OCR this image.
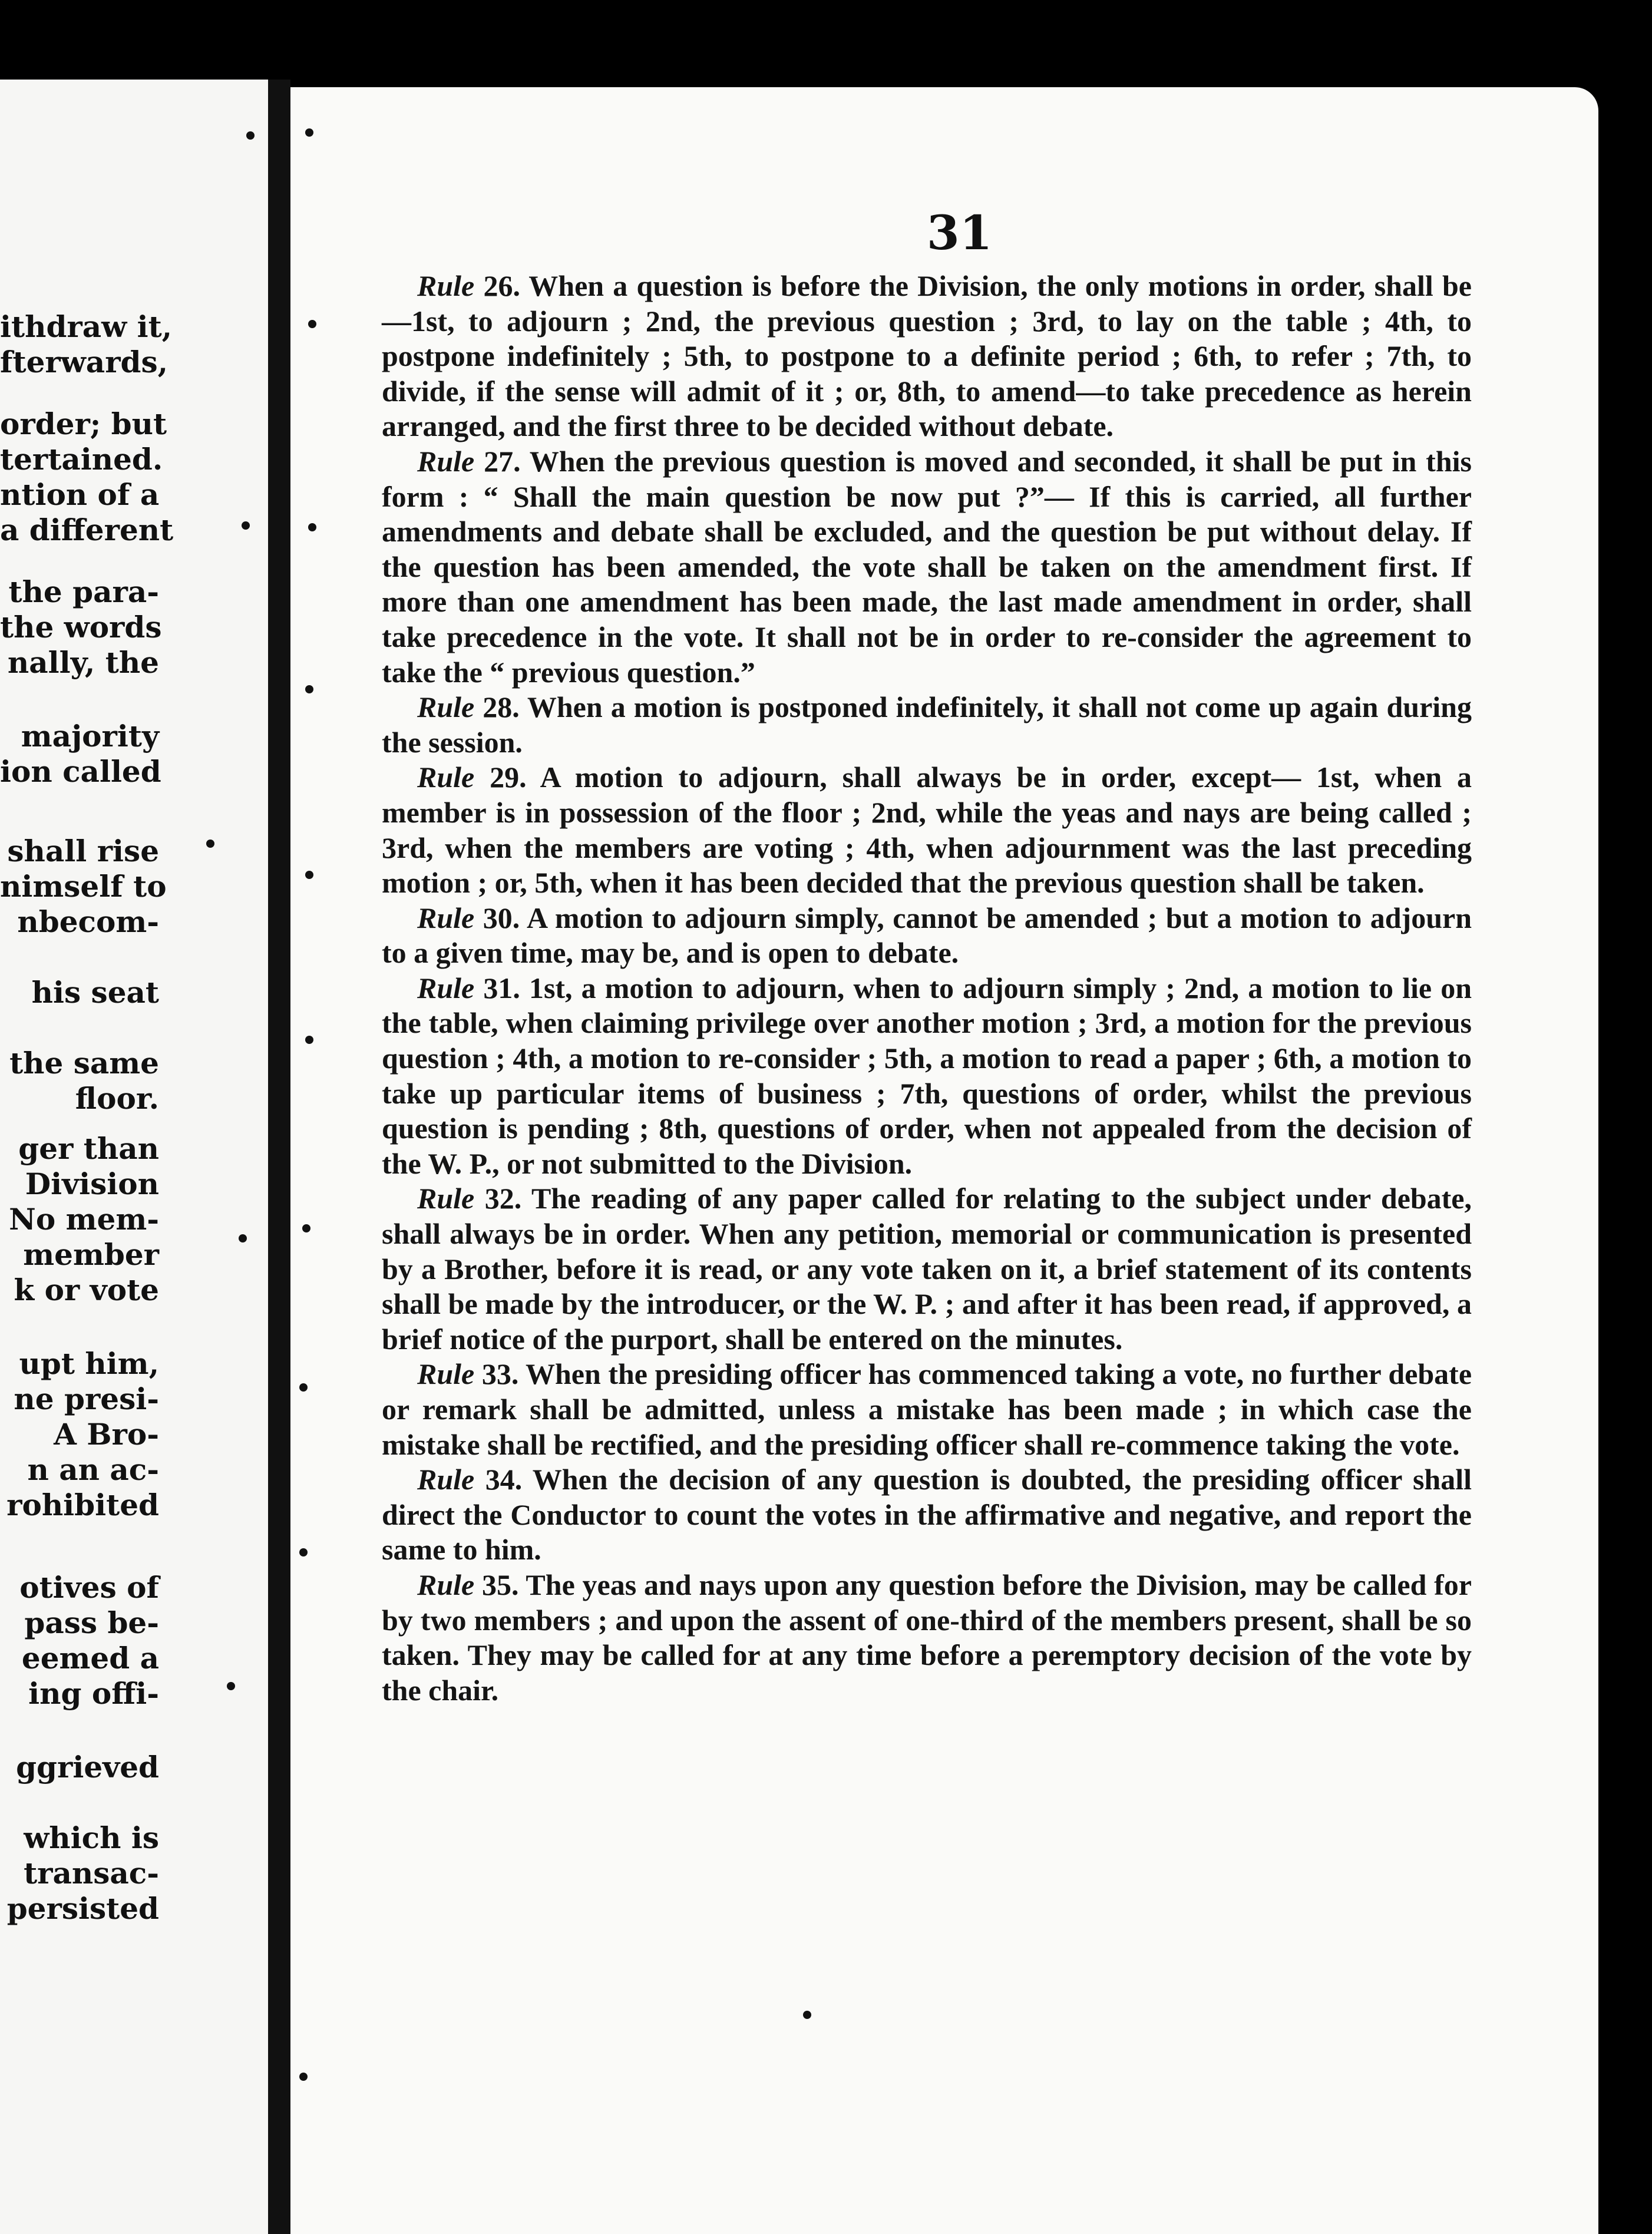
ithdraw it,
fterwards,
order; but
tertained.
ntion of a
a different
the para-
the words
nally, the
majority
ion called
shall rise
nimself to
nbecom-
his seat
the same
floor.
ger than
Division
No mem-
member
k or vote
upt him,
ne presi-
A Bro-
n an ac-
rohibited
otives of
pass be-
eemed a
ing offi-
ggrieved
which is
transac-
persisted
31

Rule 26. When a question is before the Division, the only motions in order, shall be—1st, to adjourn ; 2nd, the previous question ; 3rd, to lay on the table ; 4th, to postpone indefinitely ; 5th, to postpone to a definite period ; 6th, to refer ; 7th, to divide, if the sense will admit of it ; or, 8th, to amend—to take precedence as herein arranged, and the first three to be decided without debate.

Rule 27. When the previous question is moved and seconded, it shall be put in this form : “ Shall the main question be now put ?”— If this is carried, all further amendments and debate shall be excluded, and the question be put without delay. If the question has been amended, the vote shall be taken on the amendment first. If more than one amendment has been made, the last made amendment in order, shall take precedence in the vote. It shall not be in order to re-consider the agreement to take the “ previous question.”

Rule 28. When a motion is postponed indefinitely, it shall not come up again during the session.

Rule 29. A motion to adjourn, shall always be in order, except— 1st, when a member is in possession of the floor ; 2nd, while the yeas and nays are being called ; 3rd, when the members are voting ; 4th, when adjournment was the last preceding motion ; or, 5th, when it has been decided that the previous question shall be taken.

Rule 30. A motion to adjourn simply, cannot be amended ; but a motion to adjourn to a given time, may be, and is open to debate.

Rule 31. 1st, a motion to adjourn, when to adjourn simply ; 2nd, a motion to lie on the table, when claiming privilege over another motion ; 3rd, a motion for the previous question ; 4th, a motion to re-consider ; 5th, a motion to read a paper ; 6th, a motion to take up particular items of business ; 7th, questions of order, whilst the previous question is pending ; 8th, questions of order, when not appealed from the decision of the W. P., or not submitted to the Division.

Rule 32. The reading of any paper called for relating to the subject under debate, shall always be in order. When any petition, memorial or communication is presented by a Brother, before it is read, or any vote taken on it, a brief statement of its contents shall be made by the introducer, or the W. P. ; and after it has been read, if approved, a brief notice of the purport, shall be entered on the minutes.

Rule 33. When the presiding officer has commenced taking a vote, no further debate or remark shall be admitted, unless a mistake has been made ; in which case the mistake shall be rectified, and the presiding officer shall re-commence taking the vote.

Rule 34. When the decision of any question is doubted, the presiding officer shall direct the Conductor to count the votes in the affirmative and negative, and report the same to him.

Rule 35. The yeas and nays upon any question before the Division, may be called for by two members ; and upon the assent of one-third of the members present, shall be so taken. They may be called for at any time before a peremptory decision of the vote by the chair.
